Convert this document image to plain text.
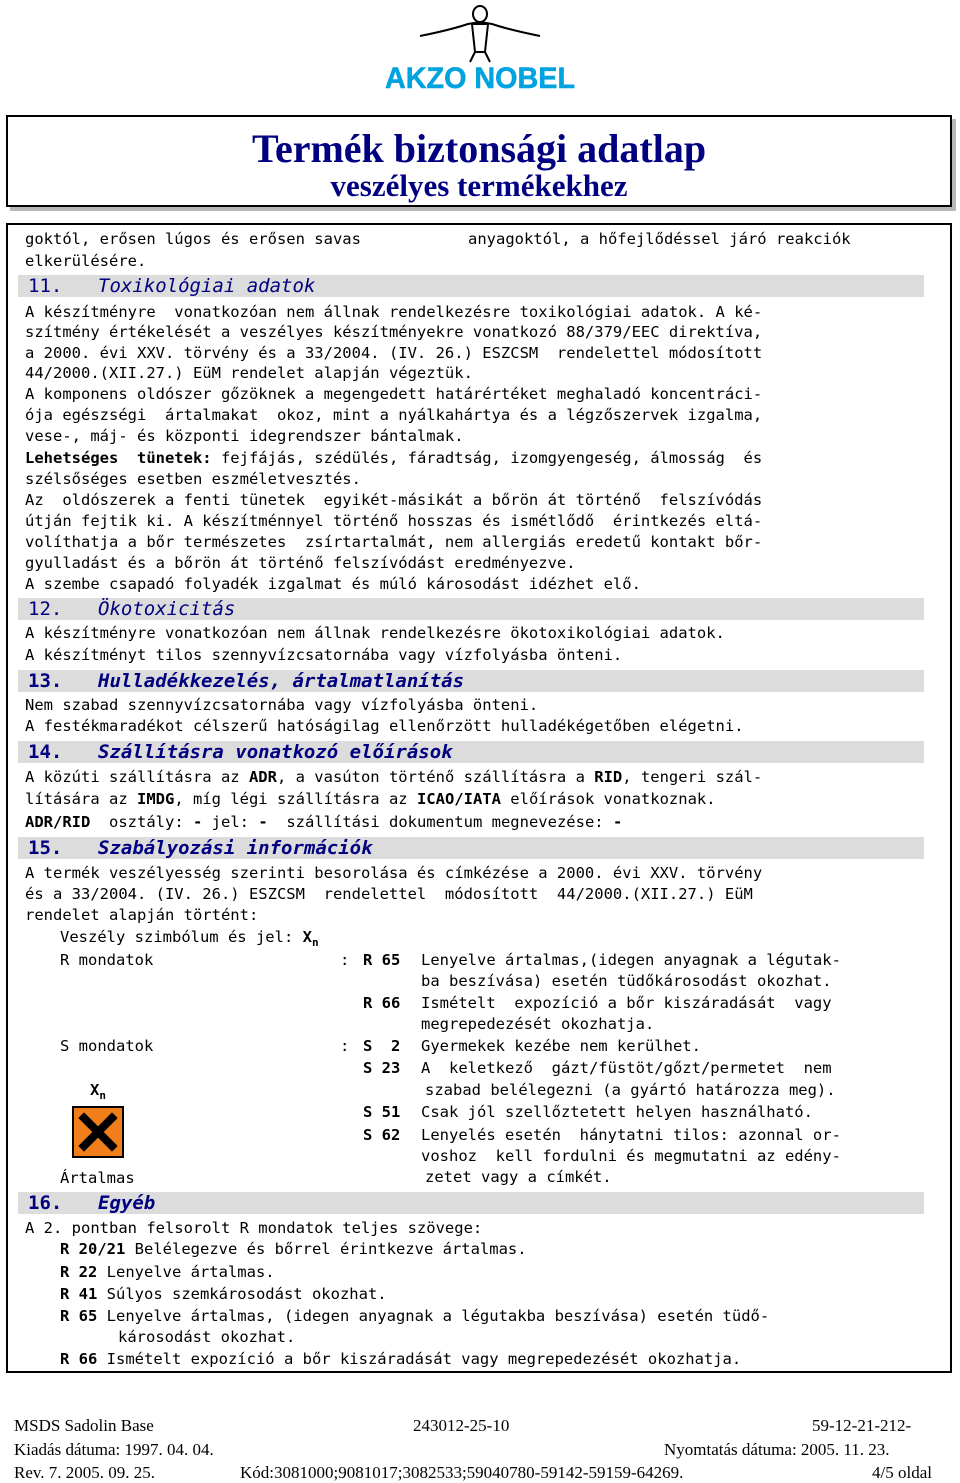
AKZO NOBEL
Termék biztonsági adatlap
veszélyes termékekhez
goktól, erősen lúgos és erősen savas	anyagoktól, a hőfejlődéssel járó reakciók
elkerülésére.
11. Toxikológiai adatok
A készítményre  vonatkozóan nem állnak rendelkezésre toxikológiai adatok. A ké-
szítmény értékelését a veszélyes készítményekre vonatkozó 88/379/EEC direktíva,
a 2000. évi XXV. törvény és a 33/2004. (IV. 26.) ESZCSM  rendelettel módosított
44/2000.(XII.27.) EüM rendelet alapján végeztük.
A komponens oldószer gőzöknek a megengedett határértéket meghaladó koncentráci-
ója egészségi  ártalmakat  okoz, mint a nyálkahártya és a légzőszervek izgalma,
vese-, máj- és központi idegrendszer bántalmak.
Lehetséges  tünetek: fejfájás, szédülés, fáradtság, izomgyengeség, álmosság  és
szélsőséges esetben eszméletvesztés.
Az  oldószerek a fenti tünetek  egyikét-másikát a bőrön át történő  felszívódás
útján fejtik ki. A készítménnyel történő hosszas és ismétlődő  érintkezés eltá-
volíthatja a bőr természetes  zsírtartalmát, nem allergiás eredetű kontakt bőr-
gyulladást és a bőrön át történő felszívódást eredményezve.
A szembe csapadó folyadék izgalmat és múló károsodást idézhet elő.
12. Ökotoxicitás
A készítményre vonatkozóan nem állnak rendelkezésre ökotoxikológiai adatok.
A készítményt tilos szennyvízcsatornába vagy vízfolyásba önteni.
13. Hulladékkezelés, ártalmatlanítás
Nem szabad szennyvízcsatornába vagy vízfolyásba önteni.
A festékmaradékot célszerű hatóságilag ellenőrzött hulladékégetőben elégetni.
14. Szállításra vonatkozó előírások
A közúti szállításra az ADR, a vasúton történő szállításra a RID, tengeri szál-
lítására az IMDG, míg légi szállításra az ICAO/IATA előírások vonatkoznak.
ADR/RID  osztály: - jel: -  szállítási dokumentum megnevezése: -
15. Szabályozási információk
A termék veszélyesség szerinti besorolása és címkézése a 2000. évi XXV. törvény
és a 33/2004. (IV. 26.) ESZCSM  rendelettel  módosított  44/2000.(XII.27.) EüM
rendelet alapján történt:
Veszély szimbólum és jel: $X_n$
R mondatok	: R 65 Lenyelve ártalmas,(idegen anyagnak a légutak-
ba beszívása) esetén tüdőkárosodást okozhat.
R 66 Ismételt  expozíció a bőr kiszáradását  vagy
megrepedezését okozhatja.
S mondatok	: S  2 Gyermekek kezébe nem kerülhet.
S 23 A  keletkező  gázt/füstöt/gőzt/permetet  nem
szabad belélegezni (a gyártó határozza meg).
S 51 Csak jól szellőztetett helyen használható.
S 62 Lenyelés esetén  hánytatni tilos: azonnal or-
voshoz  kell fordulni és megmutatni az edény-
zetet vagy a címkét.
$X_n$
Ártalmas
16. Egyéb
A 2. pontban felsorolt R mondatok teljes szövege:
R 20/21 Belélegezve és bőrrel érintkezve ártalmas.
R 22 Lenyelve ártalmas.
R 41 Súlyos szemkárosodást okozhat.
R 65 Lenyelve ártalmas, (idegen anyagnak a légutakba beszívása) esetén tüdő-
károsodást okozhat.
R 66 Ismételt expozíció a bőr kiszáradását vagy megrepedezését okozhatja.
MSDS Sadolin Base	243012-25-10	59-12-21-212-
Kiadás dátuma: 1997. 04. 04.	Nyomtatás dátuma: 2005. 11. 23.
Rev. 7. 2005. 09. 25.	Kód:3081000;9081017;3082533;59040780-59142-59159-64269.	4/5 oldal
